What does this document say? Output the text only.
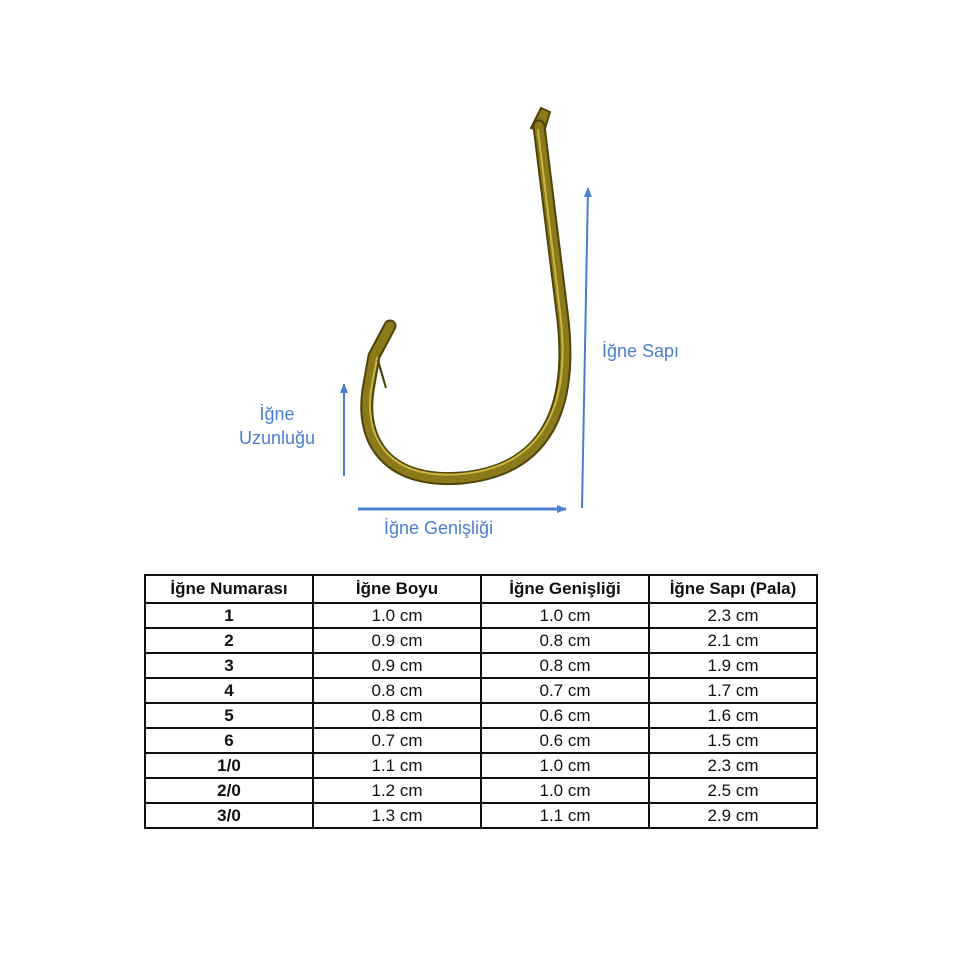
İğne
Uzunluğu
İğne Sapı
İğne Genişliği
İğne Numarası	İğne Boyu	İğne Genişliği	İğne Sapı (Pala)
1	1.0 cm	1.0 cm	2.3 cm
2	0.9 cm	0.8 cm	2.1 cm
3	0.9 cm	0.8 cm	1.9 cm
4	0.8 cm	0.7 cm	1.7 cm
5	0.8 cm	0.6 cm	1.6 cm
6	0.7 cm	0.6 cm	1.5 cm
1/0	1.1 cm	1.0 cm	2.3 cm
2/0	1.2 cm	1.0 cm	2.5 cm
3/0	1.3 cm	1.1 cm	2.9 cm
